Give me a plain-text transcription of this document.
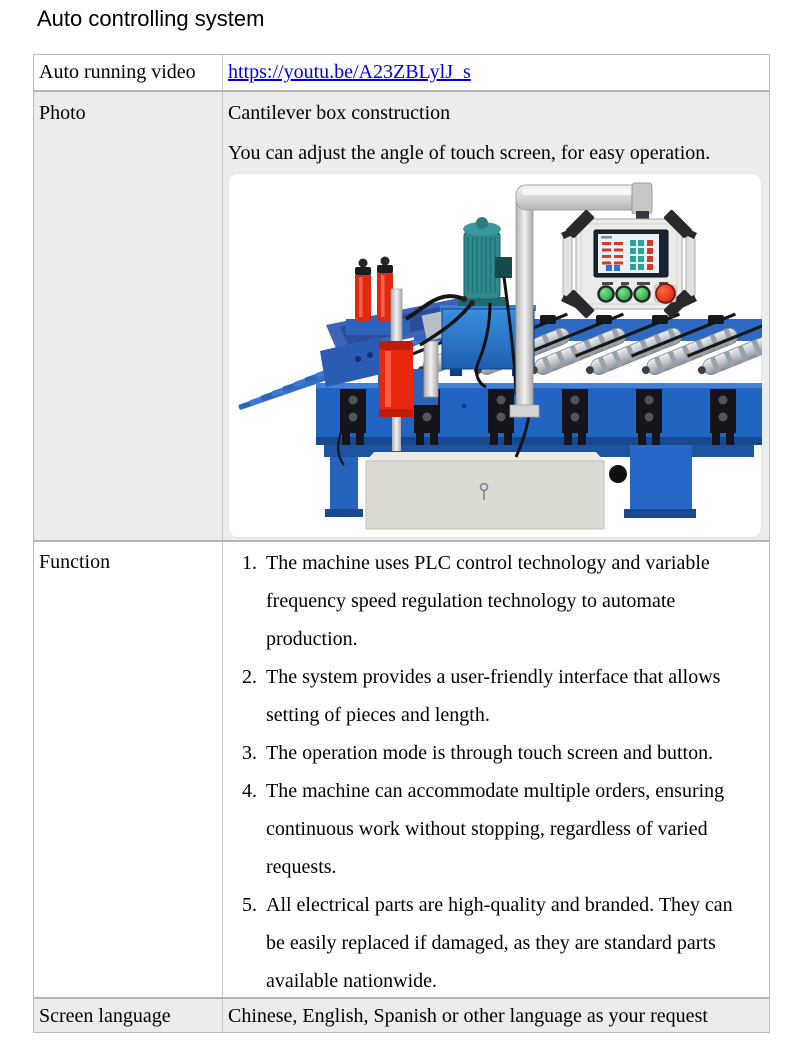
Auto controlling system
Auto running video	https://youtu.be/A23ZBLylJ_s
Photo	Cantilever box construction
You can adjust the angle of touch screen, for easy operation.
Function	1. The machine uses PLC control technology and variable frequency speed regulation technology to automate production.
2. The system provides a user-friendly interface that allows setting of pieces and length.
3. The operation mode is through touch screen and button.
4. The machine can accommodate multiple orders, ensuring continuous work without stopping, regardless of varied requests.
5. All electrical parts are high-quality and branded. They can be easily replaced if damaged, as they are standard parts available nationwide.
Screen language	Chinese, English, Spanish or other language as your request
